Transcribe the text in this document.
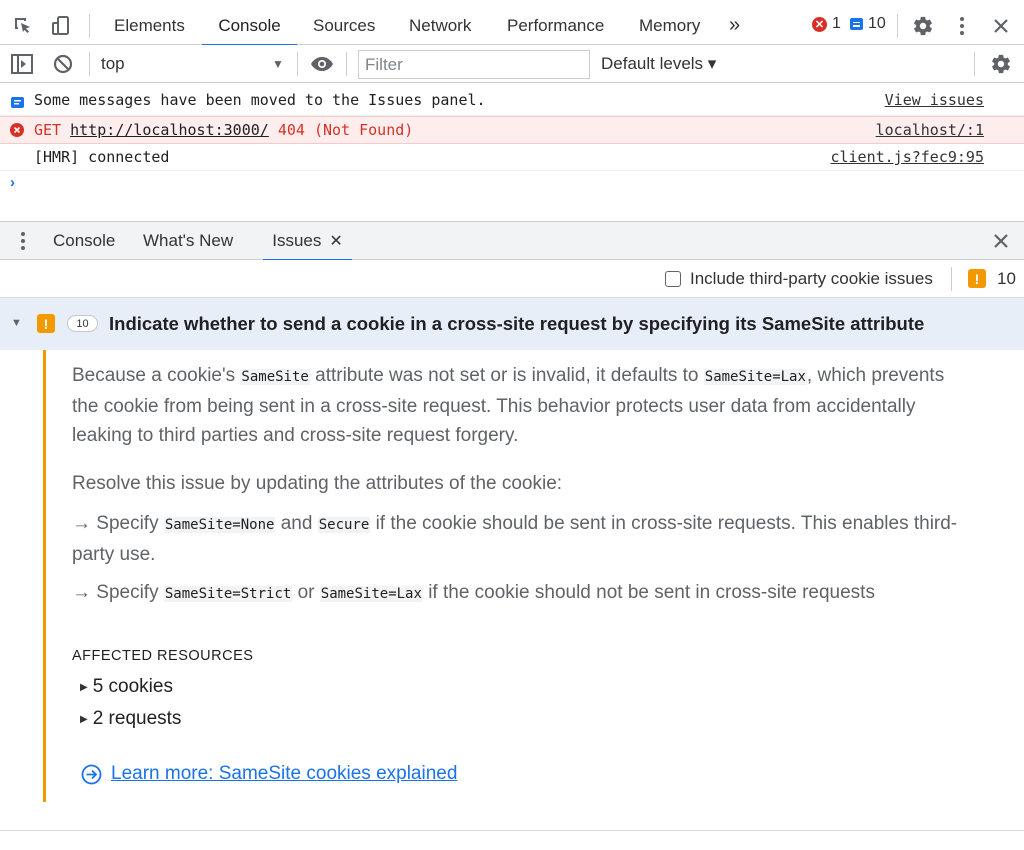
Elements Console Sources Network Performance Memory »	✕ 1 10
top	▼
Filter	Default levels ▾
Some messages have been moved to the Issues panel.	View issues
GET
http://localhost:3000/
404 (Not Found)	localhost/:1
[HMR] connected	client.js?fec9:95
›
Console What's New Issues ✕
Include third-party cookie issues	!	10
▼	!	10	Indicate whether to send a cookie in a cross-site request by specifying its SameSite attribute

Because a cookie's SameSite attribute was not set or is invalid, it defaults to SameSite=Lax, which prevents the cookie from being sent in a cross-site request. This behavior protects user data from accidentally leaking to third parties and cross-site request forgery.

Resolve this issue by updating the attributes of the cookie:

→ Specify SameSite=None and Secure if the cookie should be sent in cross-site requests. This enables third-party use.

→ Specify SameSite=Strict or SameSite=Lax if the cookie should not be sent in cross-site requests

AFFECTED RESOURCES
▶ 5 cookies
▶ 2 requests
Learn more: SameSite cookies explained
